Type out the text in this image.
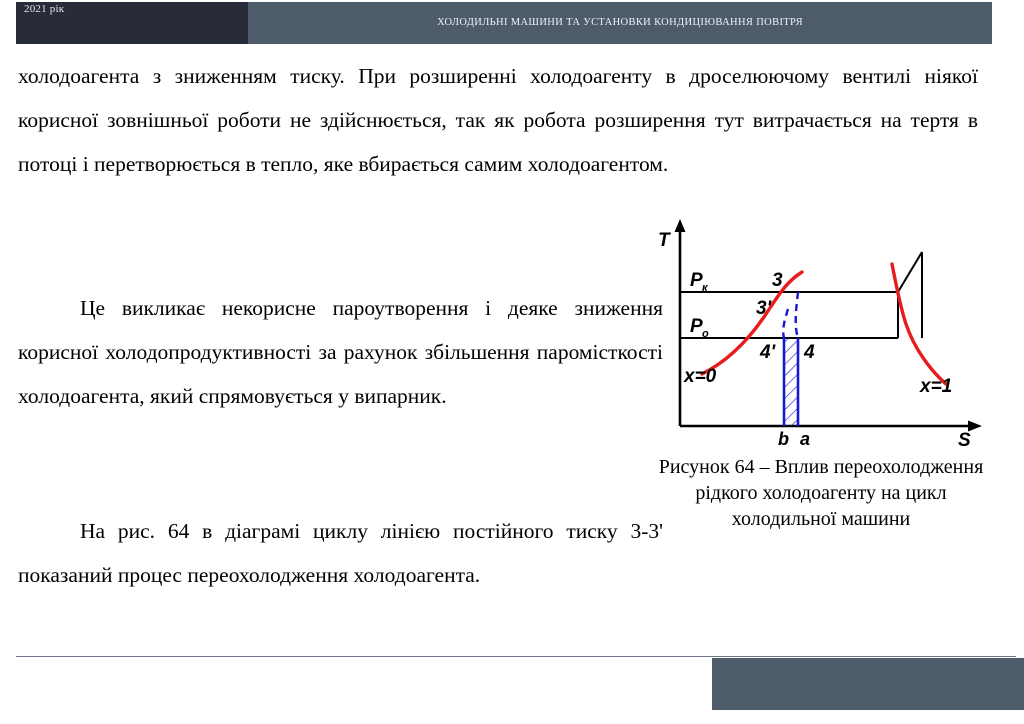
2021 рік
ХОЛОДИЛЬНІ МАШИНИ ТА УСТАНОВКИ КОНДИЦІЮВАННЯ ПОВІТРЯ

холодоагента з зниженням тиску. При розширенні холодоагенту в дроселюючому вентилі ніякої корисної зовнішньої роботи не здійснюється, так як робота розширення тут витрачається на тертя в потоці і перетворюється в тепло, яке вбирається самим холодоагентом.

Це викликає некорисне пароутворення і деяке зниження корисної холодопродуктивності за рахунок збільшення паромісткості холодоагента, який спрямовується у випарник.

На рис. 64 в діаграмі циклу лінією постійного тиску 3-3' показаний процес переохолодження холодоагента.

T
S
P к
P о
x=0	x=1
3
3'
4
4'
b a

Рисунок 64 – Вплив переохолодження рідкого холодоагенту на цикл холодильної машини
